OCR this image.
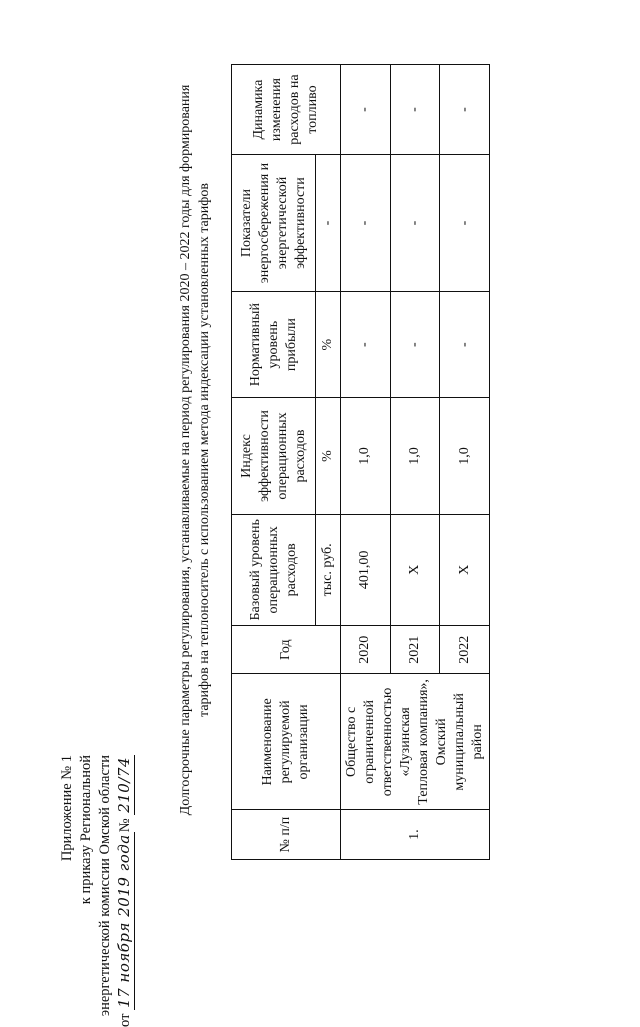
Приложение № 1 к приказу Региональной энергетической комиссии Омской области
от 17 ноября 2019 года№ 210/74	Долгосрочные параметры регулирования, устанавливаемые на период регулирования 2020 – 2022 годы для формирования тарифов на теплоноситель с использованием метода индексации установленных тарифов
№ п/п	Наименование регулируемой организации	Год	Базовый уровень операционных расходов	Индекс эффективности операционных расходов	Нормативный уровень прибыли	Показатели энергосбережения и энергетической эффективности	Динамика изменения расходов на топливо
			тыс. руб.	%	%	-	
1.	Общество с ограниченной ответственностью «Лузинская Тепловая компания», Омский муниципальный район	2020	401,00	1,0	-	-	-
		2021	Х	1,0	-	-	-
		2022	Х	1,0	-	-	-
